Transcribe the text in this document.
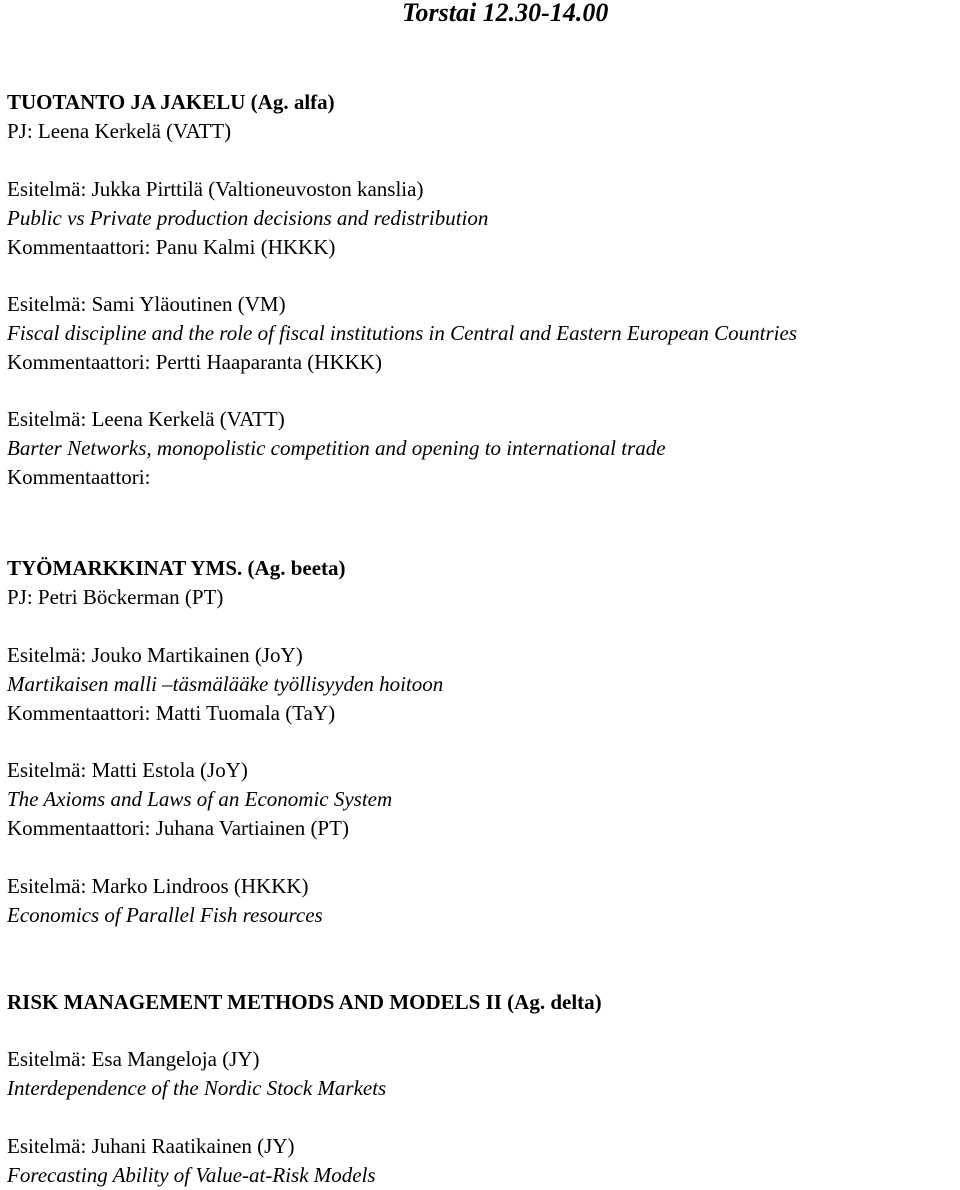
Torstai 12.30-14.00
TUOTANTO JA JAKELU (Ag. alfa)
PJ: Leena Kerkelä (VATT)
Esitelmä: Jukka Pirttilä (Valtioneuvoston kanslia)
Public vs Private production decisions and redistribution
Kommentaattori: Panu Kalmi (HKKK)
Esitelmä: Sami Yläoutinen (VM)
Fiscal discipline and the role of fiscal institutions in Central and Eastern European Countries
Kommentaattori: Pertti Haaparanta (HKKK)
Esitelmä: Leena Kerkelä (VATT)
Barter Networks, monopolistic competition and opening to international trade
Kommentaattori:
TYÖMARKKINAT YMS. (Ag. beeta)
PJ: Petri Böckerman (PT)
Esitelmä: Jouko Martikainen (JoY)
Martikaisen malli –täsmälääke työllisyyden hoitoon
Kommentaattori: Matti Tuomala (TaY)
Esitelmä: Matti Estola (JoY)
The Axioms and Laws of an Economic System
Kommentaattori: Juhana Vartiainen (PT)
Esitelmä: Marko Lindroos (HKKK)
Economics of Parallel Fish resources
RISK MANAGEMENT METHODS AND MODELS II (Ag. delta)
Esitelmä: Esa Mangeloja (JY)
Interdependence of the Nordic Stock Markets
Esitelmä: Juhani Raatikainen (JY)
Forecasting Ability of Value-at-Risk Models
